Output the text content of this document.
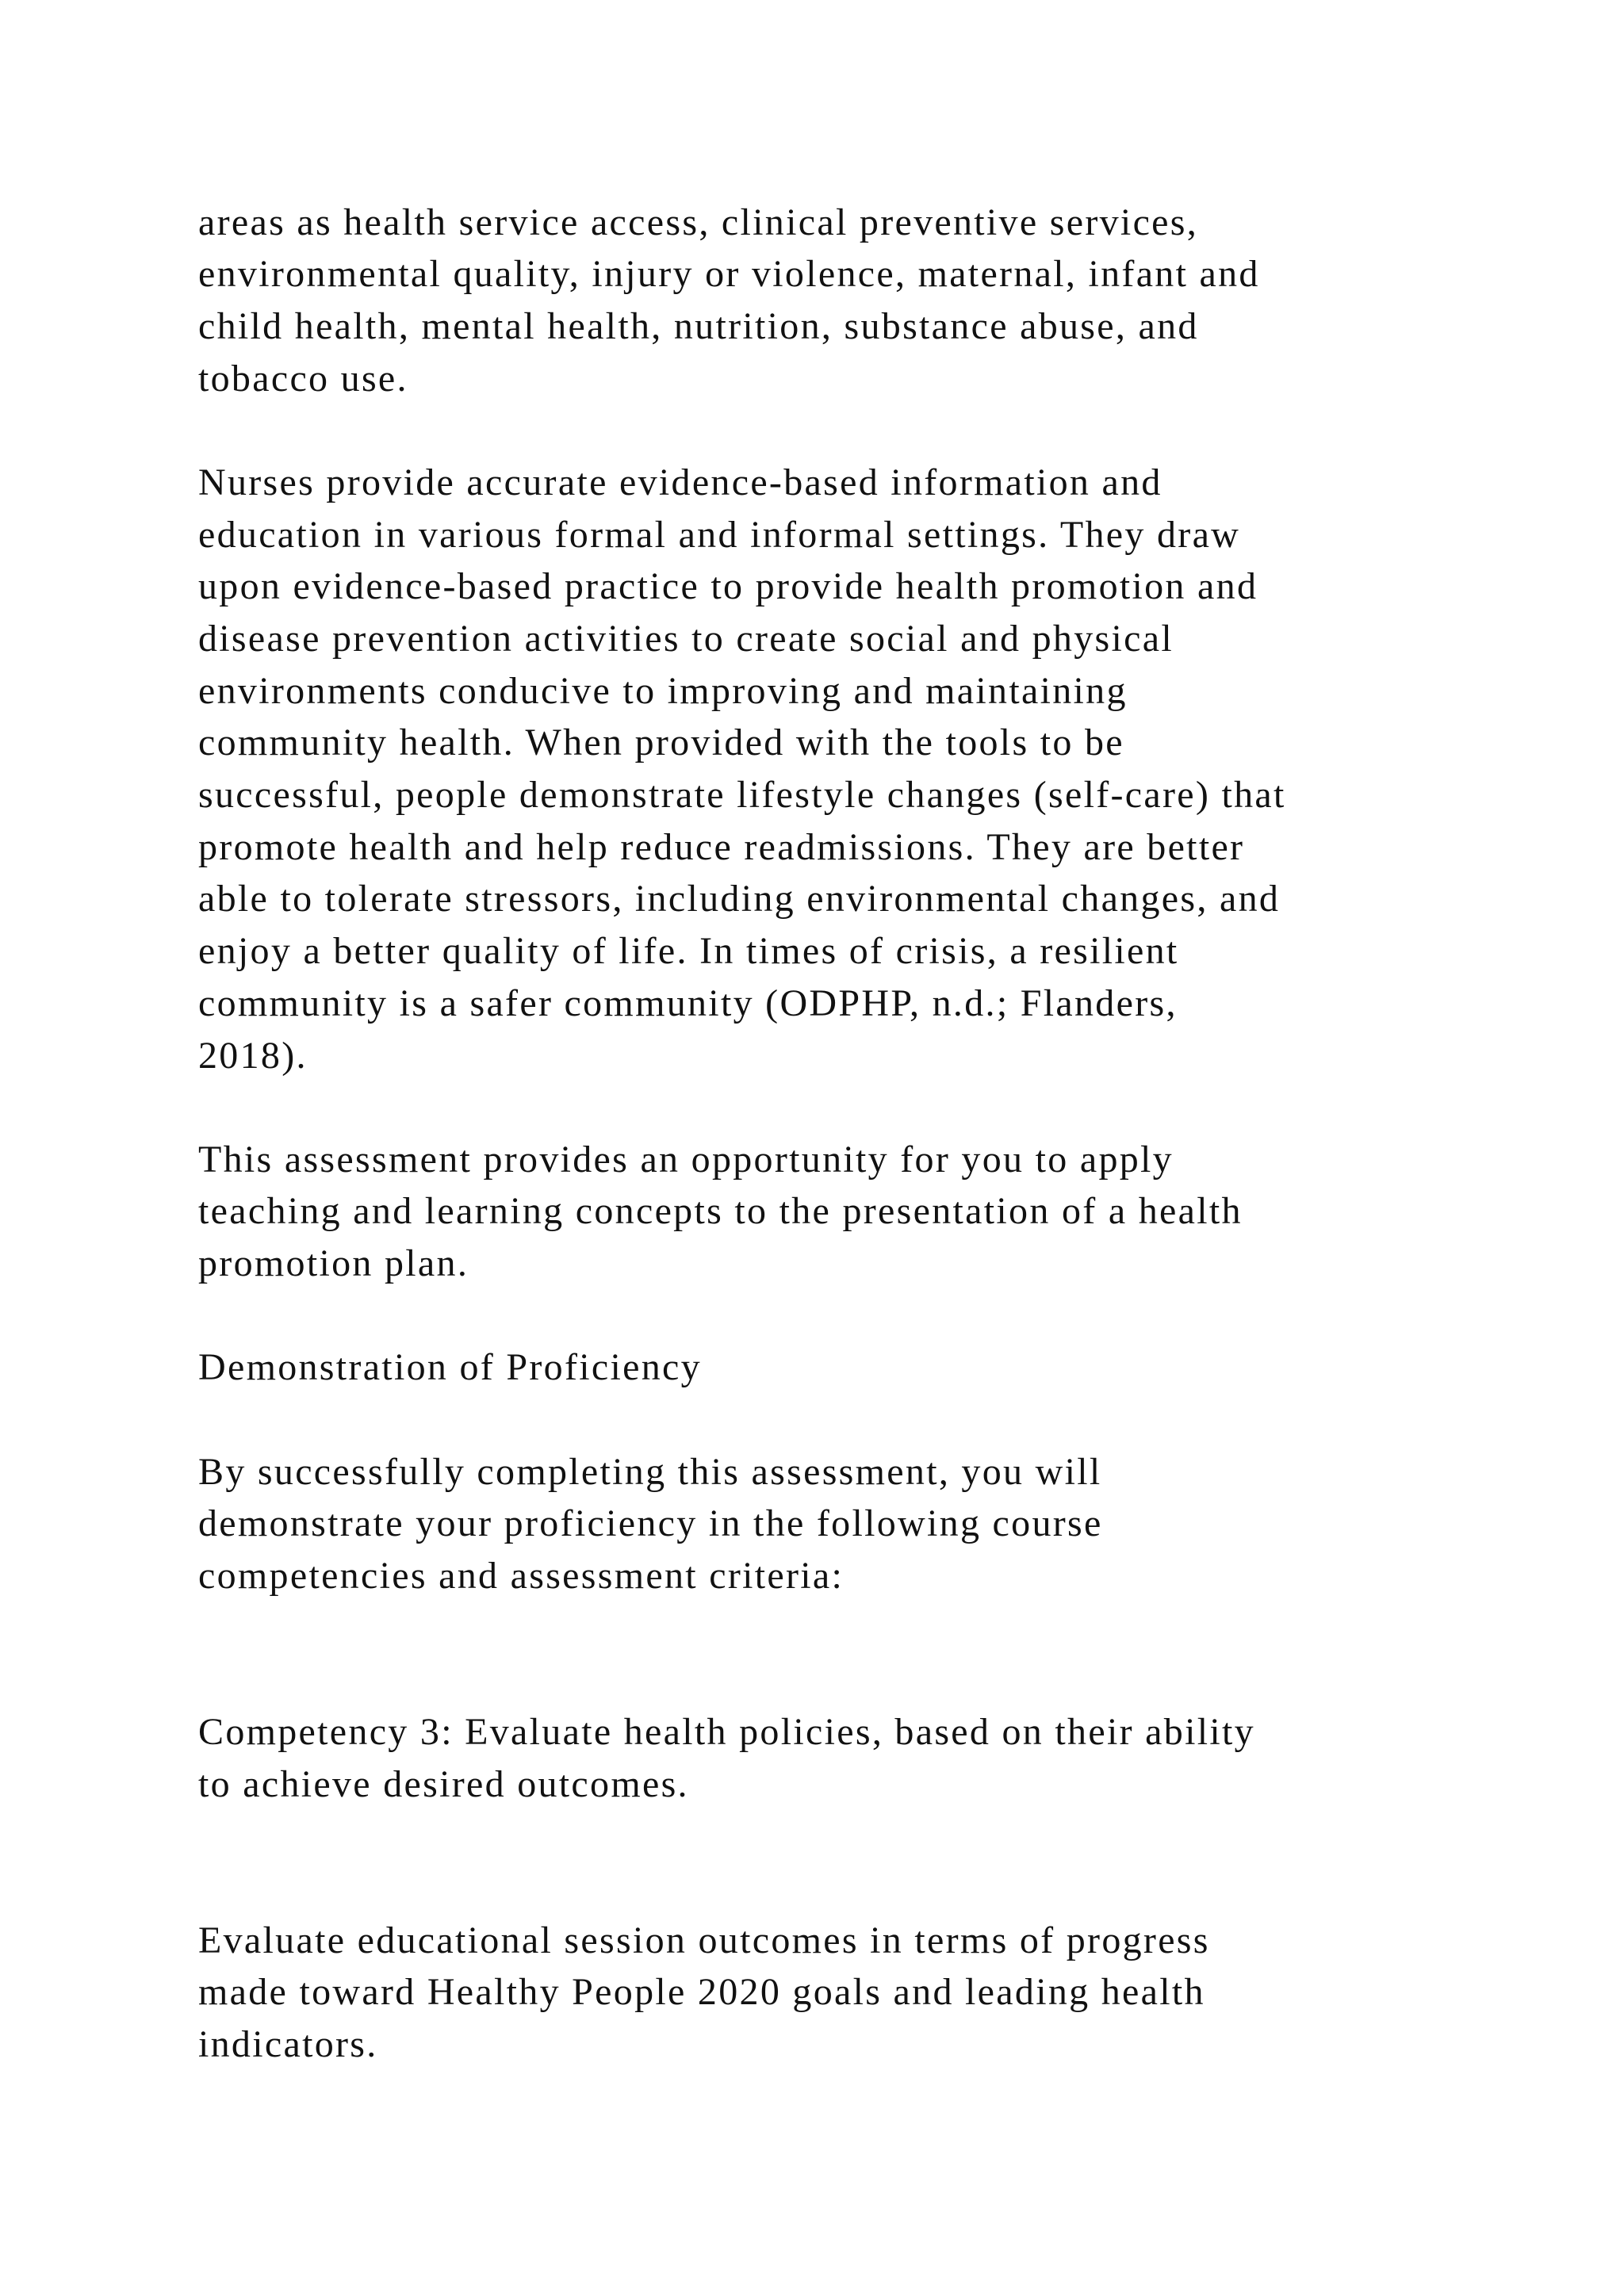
areas as health service access, clinical preventive services,

environmental quality, injury or violence, maternal, infant and

child health, mental health, nutrition, substance abuse, and

tobacco use.

Nurses provide accurate evidence-based information and

education in various formal and informal settings. They draw

upon evidence-based practice to provide health promotion and

disease prevention activities to create social and physical

environments conducive to improving and maintaining

community health. When provided with the tools to be

successful, people demonstrate lifestyle changes (self-care) that

promote health and help reduce readmissions. They are better

able to tolerate stressors, including environmental changes, and

enjoy a better quality of life. In times of crisis, a resilient

community is a safer community (ODPHP, n.d.; Flanders,

2018).

This assessment provides an opportunity for you to apply

teaching and learning concepts to the presentation of a health

promotion plan.

Demonstration of Proficiency

By successfully completing this assessment, you will

demonstrate your proficiency in the following course

competencies and assessment criteria:

Competency 3: Evaluate health policies, based on their ability

to achieve desired outcomes.

Evaluate educational session outcomes in terms of progress

made toward Healthy People 2020 goals and leading health

indicators.
